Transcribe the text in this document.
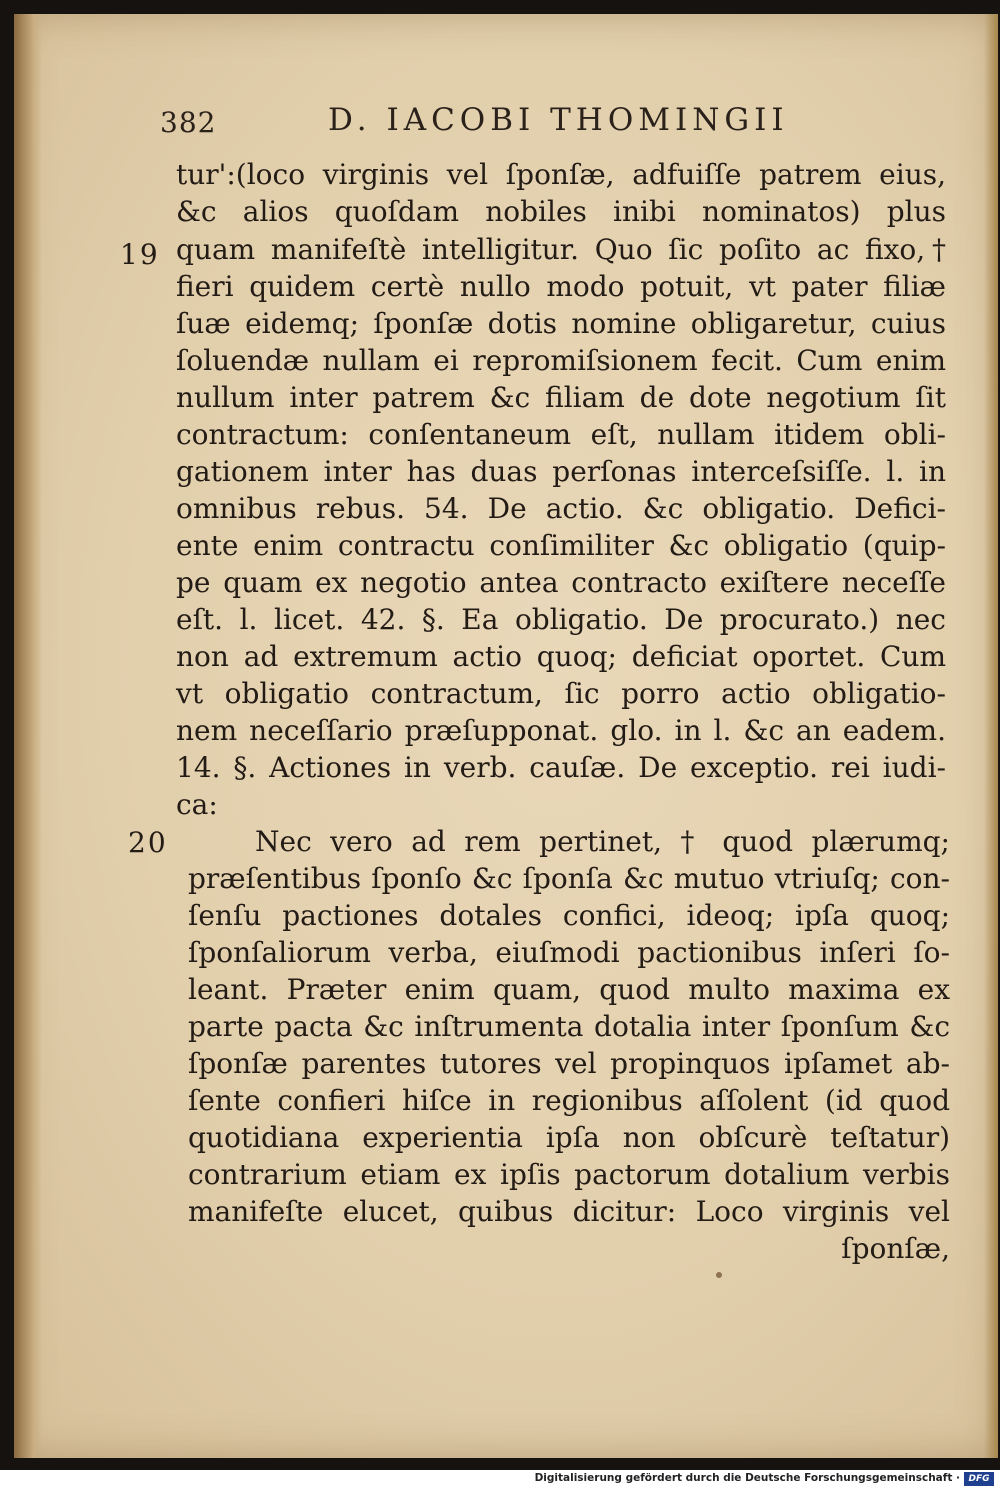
382	D. IACOBI THOMINGII
19
20
tur':(loco virginis vel ſponſæ, adfuiſſe patrem eius,
&c alios quoſdam nobiles inibi nominatos) plus
quam manifeſtè intelligitur. Quo ſic poſito ac fixo,†
fieri quidem certè nullo modo potuit, vt pater filiæ
ſuæ eidemq; ſponſæ dotis nomine obligaretur, cuius
ſoluendæ nullam ei repromiſsionem fecit. Cum enim
nullum inter patrem &c filiam de dote negotium ſit
contractum: conſentaneum eſt, nullam itidem obli-
gationem inter has duas perſonas interceſsiſſe. l. in
omnibus rebus. 54. De actio. &c obligatio. Defici-
ente enim contractu conſimiliter &c obligatio (quip-
pe quam ex negotio antea contracto exiſtere neceſſe
eſt. l. licet. 42. §. Ea obligatio. De procurato.) nec
non ad extremum actio quoq; deficiat oportet. Cum
vt obligatio contractum, ſic porro actio obligatio-
nem neceſſario præſupponat. glo. in l. &c an eadem.
14. §. Actiones in verb. cauſæ. De exceptio. rei iudi-
ca:
Nec vero ad rem pertinet, † quod plærumq;
præſentibus ſponſo &c ſponſa &c mutuo vtriuſq; con-
ſenſu pactiones dotales confici, ideoq; ipſa quoq;
ſponſaliorum verba, eiuſmodi pactionibus inſeri ſo-
leant. Præter enim quam, quod multo maxima ex
parte pacta &c inſtrumenta dotalia inter ſponſum &c
ſponſæ parentes tutores vel propinquos ipſamet ab-
ſente confieri hiſce in regionibus aſſolent (id quod
quotidiana experientia ipſa non obſcurè teſtatur)
contrarium etiam ex ipſis pactorum dotalium verbis
manifeſte elucet, quibus dicitur: Loco virginis vel
ſponſæ,
Digitalisierung gefördert durch die Deutsche Forschungsgemeinschaft · DFG
